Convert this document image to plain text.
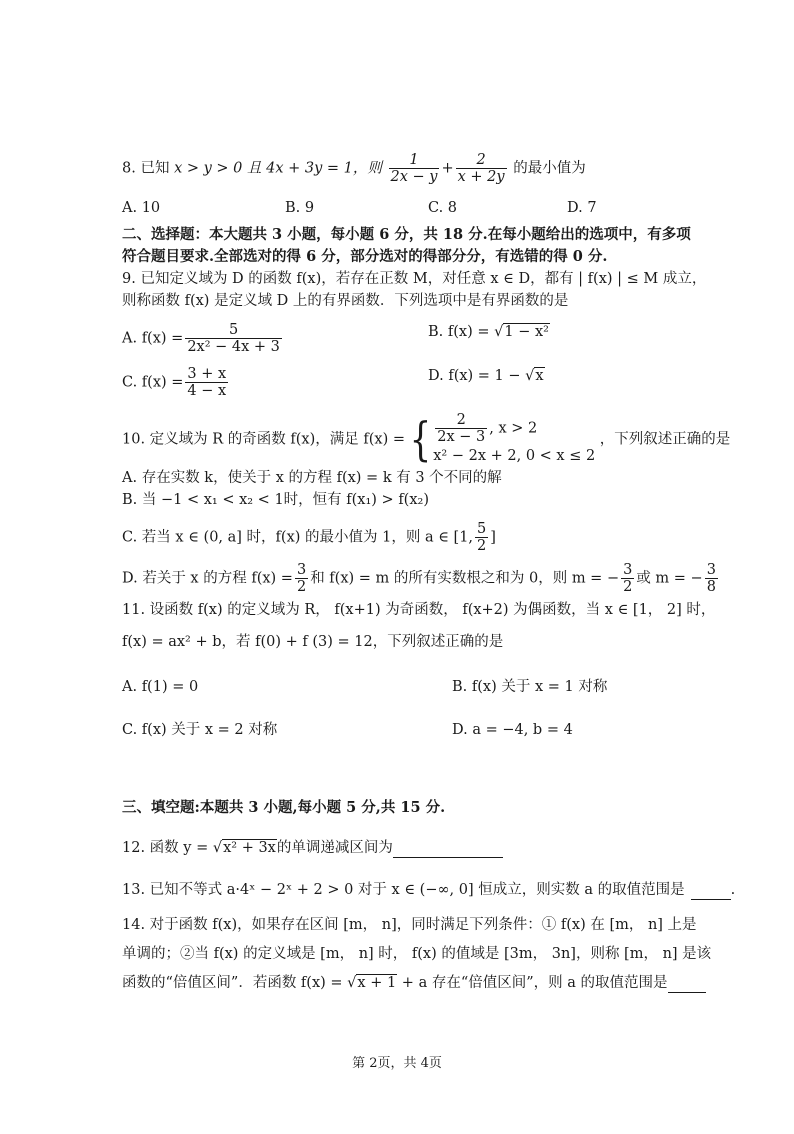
8. 已知 x > y > 0 且 4x + 3y = 1，则 $\frac{1}{2x - y} + \frac{2}{x + 2y}$ 的最小值为
A. 10	B. 9	C. 8	D. 7
二、选择题：本大题共 3 小题，每小题 6 分，共 18 分.在每小题给出的选项中，有多项
符合题目要求.全部选对的得 6 分，部分选对的得部分分，有选错的得 0 分.
9. 已知定义域为 D 的函数 f(x)，若存在正数 M，对任意 x ∈ D，都有 | f(x) | ≤ M 成立，
则称函数 f(x) 是定义域 D 上的有界函数．下列选项中是有界函数的是
A. $f(x) = \frac{5}{\text{2x² − 4x + 3}}$	B. f(x) = √1 − x²
C. $f(x) = \frac{3 + x}{4 - x}$	D. f(x) = 1 − √x
10. 定义域为 R 的奇函数 f(x)，满足 f(x) = { $\frac{2}{2x - 3}$ , x > 2
x² − 2x + 2, 0 < x ≤ 2
，下列叙述正确的是
A. 存在实数 k，使关于 x 的方程 f(x) = k 有 3 个不同的解
B. 当 −1 < x₁ < x₂ < 1时，恒有 f(x₁) > f(x₂)
C. 若当 x ∈ (0, a] 时，f(x) 的最小值为 1，则 a ∈ [1, $\frac{5}{2}$ ]
D. 若关于 x 的方程 $f(x) = \frac{3}{2}$ 和 f(x) = m 的所有实数根之和为 0，则 m = − $\frac{3}{2}$ 或 m = − $\frac{3}{8}$
11. 设函数 f(x) 的定义域为 R， f(x+1) 为奇函数， f(x+2) 为偶函数，当 x ∈ [1， 2] 时，
f(x) = ax² + b，若 f(0) + f (3) = 12，下列叙述正确的是
A. f(1) = 0	B. f(x) 关于 x = 1 对称
C. f(x) 关于 x = 2 对称	D. a = −4, b = 4
三、填空题:本题共 3 小题,每小题 5 分,共 15 分.
12. 函数 y = √x² + 3x的单调递减区间为
13. 已知不等式 a·4ˣ − 2ˣ + 2 > 0 对于 x ∈ (−∞, 0] 恒成立，则实数 a 的取值范围是	.
14. 对于函数 f(x)，如果存在区间 [m， n]，同时满足下列条件：① f(x) 在 [m， n] 上是
单调的；②当 f(x) 的定义域是 [m， n] 时， f(x) 的值域是 [3m， 3n]，则称 [m， n] 是该
函数的“倍值区间”．若函数 f(x) = √x + 1 + a 存在“倍值区间”，则 a 的取值范围是
第 2页，共 4页
